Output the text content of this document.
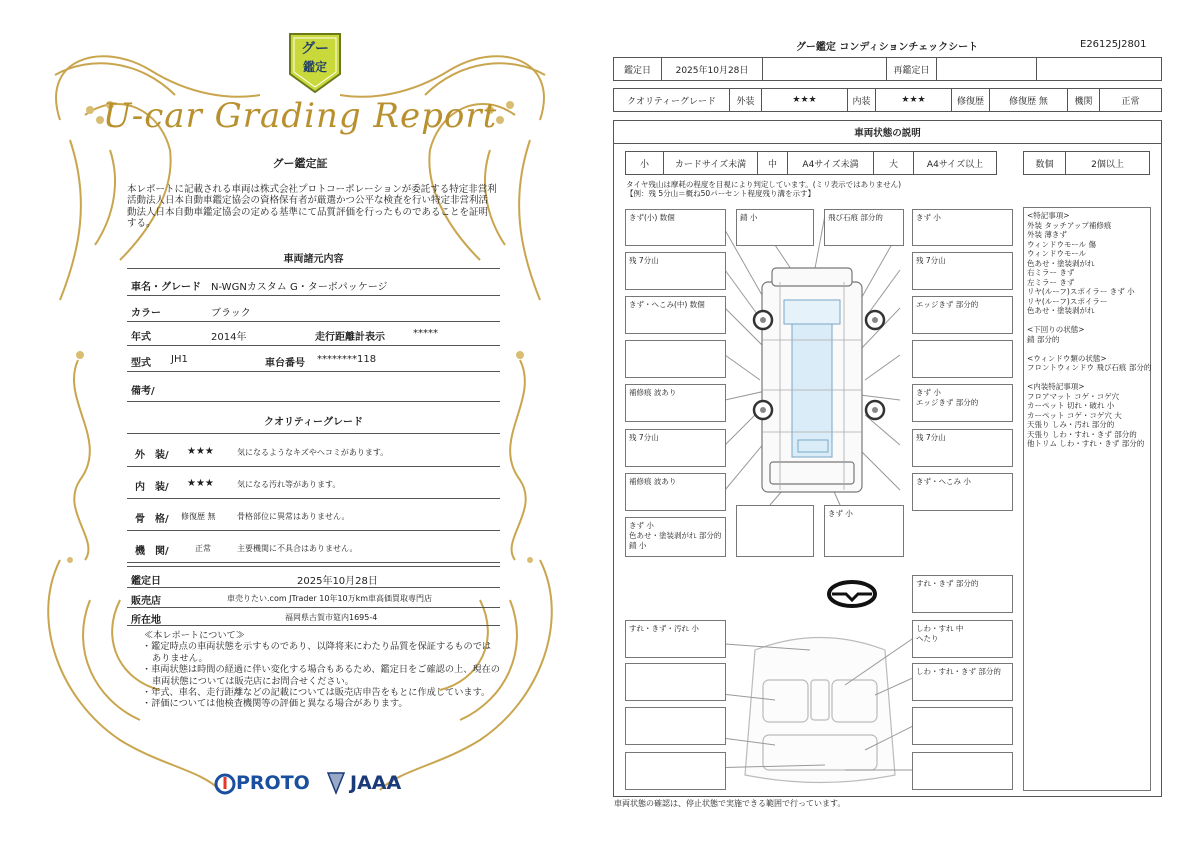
グー
鑑定
U-car Grading Report
グー鑑定証
本レポートに記載される車両は株式会社プロトコーポレーションが委託する特定非営利活動法人日本自動車鑑定協会の資格保有者が厳選かつ公平な検査を行い特定非営利活動法人日本自動車鑑定協会の定める基準にて品質評価を行ったものであることを証明する。
車両諸元内容
車名・グレード N-WGNカスタム G・ターボパッケージ
カラー	ブラック
年式	2014年	走行距離計表示	*****
型式 JH1	車台番号 ********118
備考/
クオリティーグレード
外　装/ ★★★	気になるようなキズやヘコミがあります。
内　装/ ★★★	気になる汚れ等があります。
骨　格/ 修復歴 無	骨格部位に異常はありません。
機　関/	正常	主要機関に不具合はありません。
鑑定日	2025年10月28日
販売店	車売りたい.com JTrader 10年10万km車高価買取専門店
所在地	福岡県古賀市筵内1695-4
≪本レポートについて≫
・鑑定時点の車両状態を示すものであり、以降将来にわたり品質を保証するものではありません。
・車両状態は時間の経過に伴い変化する場合もあるため、鑑定日をご確認の上、現在の車両状態については販売店にお問合せください。
・年式、車名、走行距離などの記載については販売店申告をもとに作成しています。
・評価については他検査機関等の評価と異なる場合があります。
PROTO JAAA
グー鑑定 コンディションチェックシート	E26125J2801
鑑定日	2025年10月28日	再鑑定日
クオリティーグレード	外装	★★★	内装	★★★	修復歴	修復歴 無	機関	正常
車両状態の説明
小	カードサイズ未満	中	A4サイズ未満	大	A4サイズ以上	数個	2個以上
タイヤ残山は摩耗の程度を目視により判定しています。(ミリ表示ではありません)
【例：残 5分山＝概ね50パーセント程度残り溝を示す】
きず(小) 数個
残 7分山
きず・へこみ(中) 数個
補修痕 波あり
残 7分山
補修痕 波あり
きず 小
色あせ・塗装剥がれ 部分的
錆 小
錆 小	飛び石痕 部分的	きず 小
残 7分山
エッジきず 部分的
きず 小
エッジきず 部分的
残 7分山
きず・へこみ 小
きず 小
すれ・きず 部分的
すれ・きず・汚れ 小	しわ・すれ 中
へたり
しわ・すれ・きず 部分的
<特記事項>
外装 タッチアップ補修痕
外装 薄きず
ウィンドウモール 傷
ウィンドウモール
色あせ・塗装剥がれ
右ミラー きず
左ミラー きず
リヤ(ルーフ)スポイラー きず 小
リヤ(ルーフ)スポイラー
色あせ・塗装剥がれ

<下回りの状態>
錆 部分的

<ウィンドウ類の状態>
フロントウィンドウ 飛び石痕 部分的

<内装特記事項>
フロアマット コゲ・コゲ穴
カーペット 切れ・破れ 小
カーペット コゲ・コゲ穴 大
天張り しみ・汚れ 部分的
天張り しわ・すれ・きず 部分的
他トリム しわ・すれ・きず 部分的
車両状態の確認は、停止状態で実施できる範囲で行っています。
